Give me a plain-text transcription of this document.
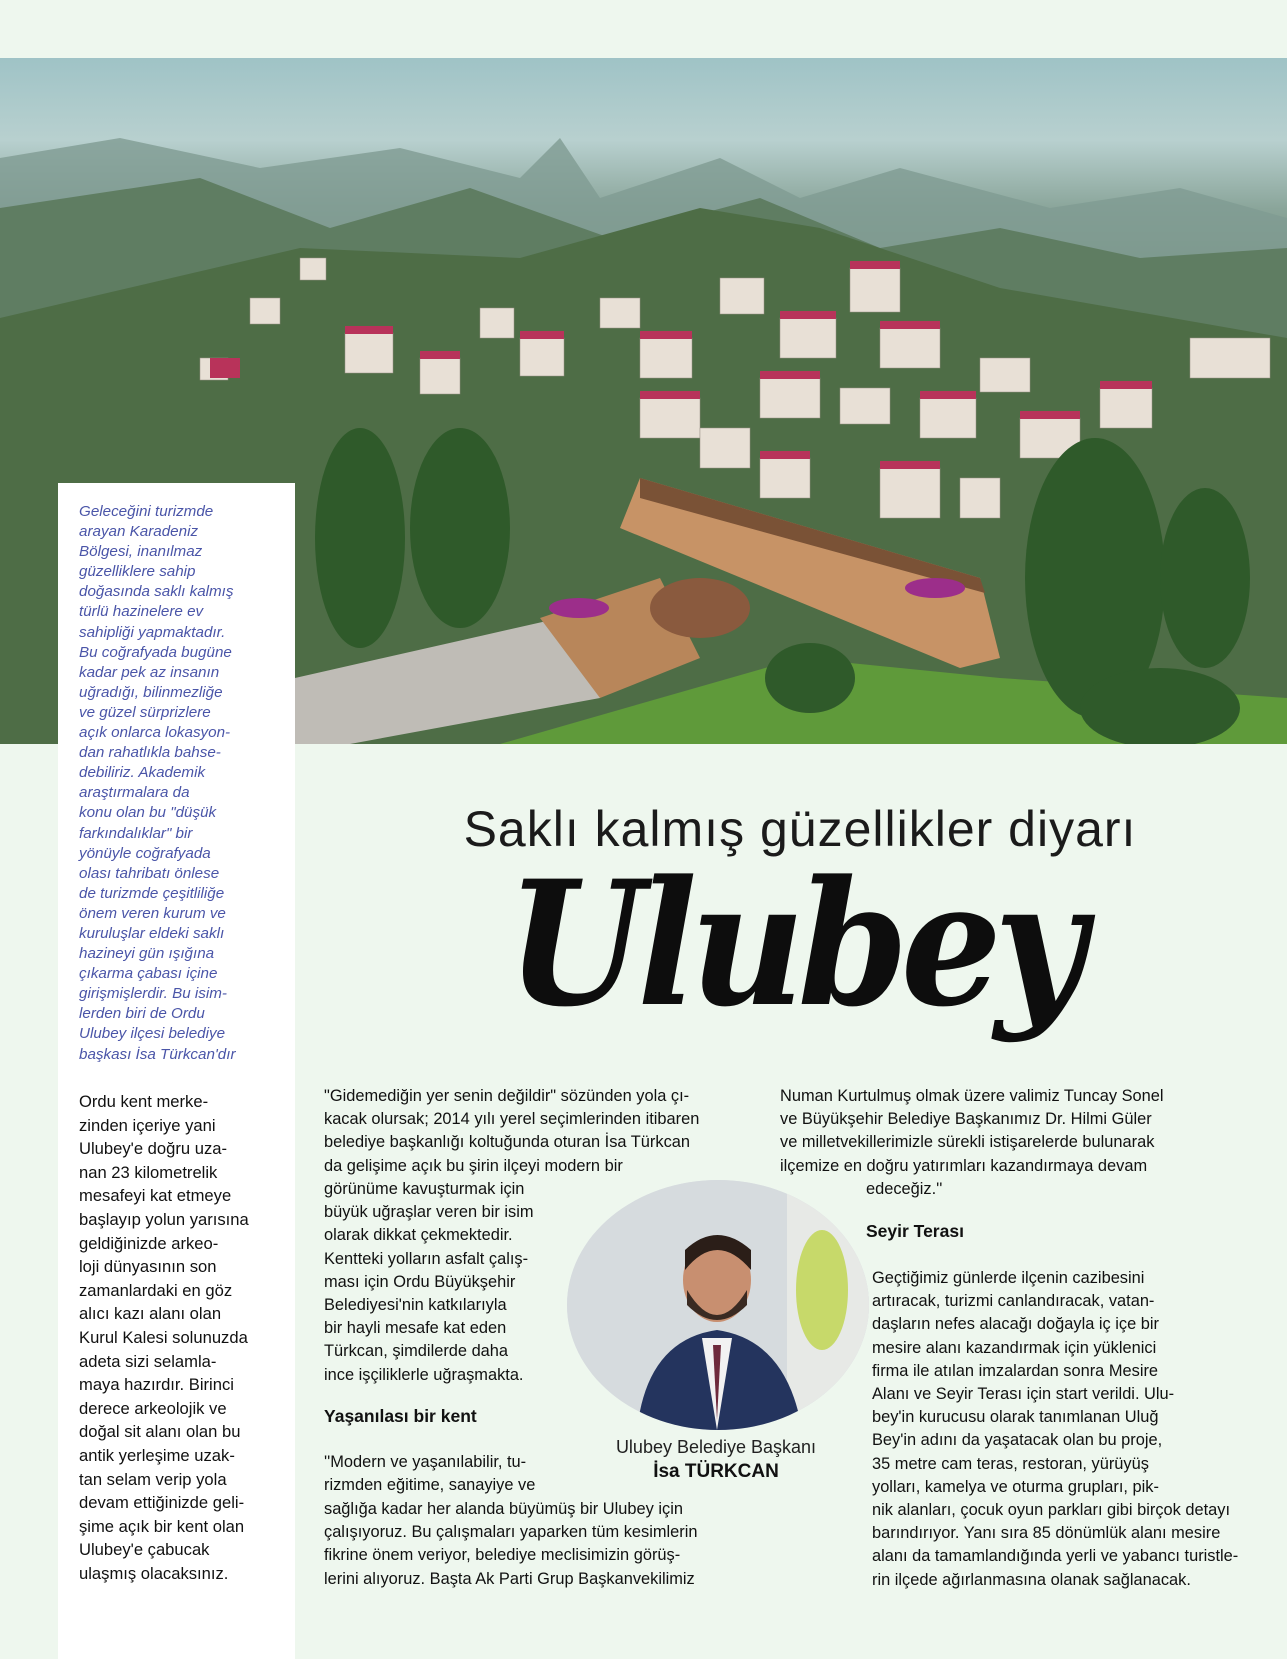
Geleceğini turizmde
arayan Karadeniz
Bölgesi, inanılmaz
güzelliklere sahip
doğasında saklı kalmış
türlü hazinelere ev
sahipliği yapmaktadır.
Bu coğrafyada bugüne
kadar pek az insanın
uğradığı, bilinmezliğe
ve güzel sürprizlere
açık onlarca lokasyon-
dan rahatlıkla bahse-
debiliriz. Akademik
araştırmalara da
konu olan bu "düşük
farkındalıklar" bir
yönüyle coğrafyada
olası tahribatı önlese
de turizmde çeşitliliğe
önem veren kurum ve
kuruluşlar eldeki saklı
hazineyi gün ışığına
çıkarma çabası içine
girişmişlerdir. Bu isim-
lerden biri de Ordu
Ulubey ilçesi belediye
başkası İsa Türkcan'dır

Ordu kent merke-
zinden içeriye yani
Ulubey'e doğru uza-
nan 23 kilometrelik
mesafeyi kat etmeye
başlayıp yolun yarısına
geldiğinizde arkeo-
loji dünyasının son
zamanlardaki en göz
alıcı kazı alanı olan
Kurul Kalesi solunuzda
adeta sizi selamla-
maya hazırdır. Birinci
derece arkeolojik ve
doğal sit alanı olan bu
antik yerleşime uzak-
tan selam verip yola
devam ettiğinizde geli-
şime açık bir kent olan
Ulubey'e çabucak
ulaşmış olacaksınız.

Saklı kalmış güzellikler diyarı
Ulubey

"Gidemediğin yer senin değildir" sözünden yola çı-
kacak olursak; 2014 yılı yerel seçimlerinden itibaren
belediye başkanlığı koltuğunda oturan İsa Türkcan
da gelişime açık bu şirin ilçeyi modern bir

görünüme kavuşturmak için
büyük uğraşlar veren bir isim
olarak dikkat çekmektedir.
Kentteki yolların asfalt çalış-
ması için Ordu Büyükşehir
Belediyesi'nin katkılarıyla
bir hayli mesafe kat eden
Türkcan, şimdilerde daha
ince işçiliklerle uğraşmakta.

Yaşanılası bir kent

''Modern ve yaşanılabilir, tu-
rizmden eğitime, sanayiye ve

sağlığa kadar her alanda büyümüş bir Ulubey için
çalışıyoruz. Bu çalışmaları yaparken tüm kesimlerin
fikrine önem veriyor, belediye meclisimizin görüş-
lerini alıyoruz. Başta Ak Parti Grup Başkanvekilimiz

Ulubey Belediye Başkanı

İsa TÜRKCAN

Numan Kurtulmuş olmak üzere valimiz Tuncay Sonel
ve Büyükşehir Belediye Başkanımız Dr. Hilmi Güler
ve milletvekillerimizle sürekli istişarelerde bulunarak
ilçemize en doğru yatırımları kazandırmaya devam

edeceğiz.''

Seyir Terası

Geçtiğimiz günlerde ilçenin cazibesini
artıracak, turizmi canlandıracak, vatan-
daşların nefes alacağı doğayla iç içe bir
mesire alanı kazandırmak için yüklenici
firma ile atılan imzalardan sonra Mesire
Alanı ve Seyir Terası için start verildi. Ulu-
bey'in kurucusu olarak tanımlanan Uluğ
Bey'in adını da yaşatacak olan bu proje,
35 metre cam teras, restoran, yürüyüş
yolları, kamelya ve oturma grupları, pik-
nik alanları, çocuk oyun parkları gibi birçok detayı
barındırıyor. Yanı sıra 85 dönümlük alanı mesire
alanı da tamamlandığında yerli ve yabancı turistle-
rin ilçede ağırlanmasına olanak sağlanacak.
